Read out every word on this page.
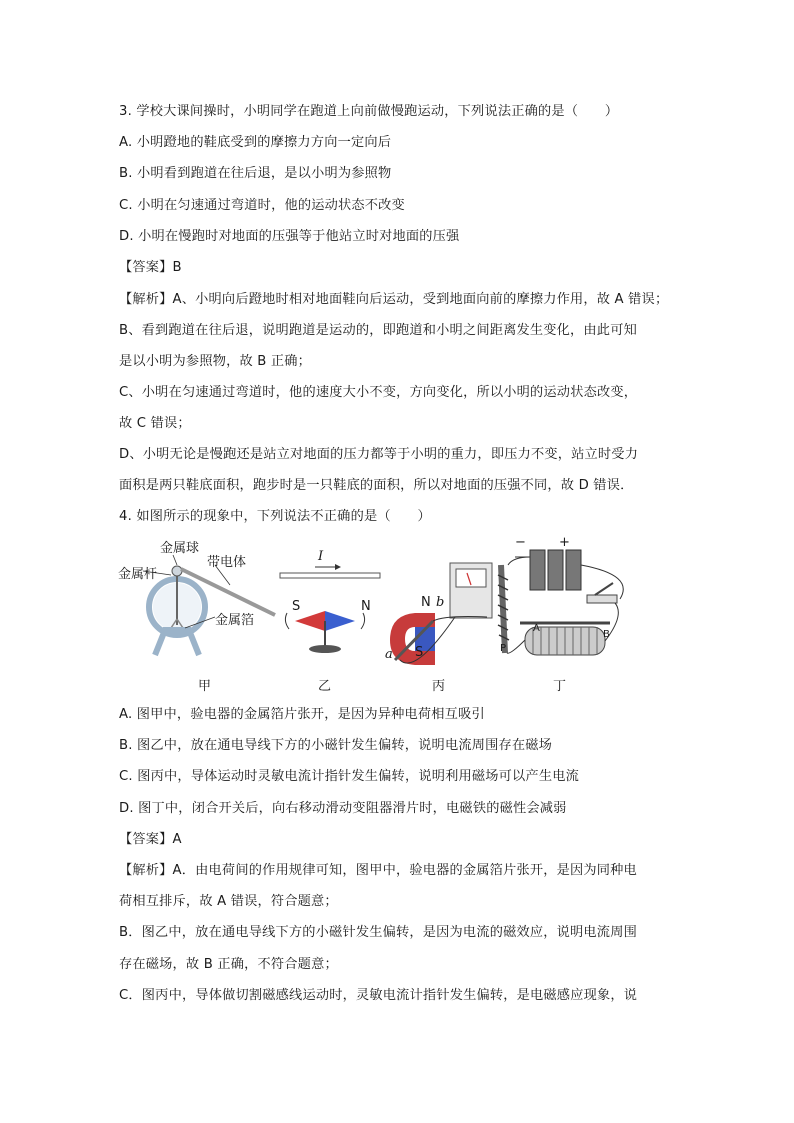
3. 学校大课间操时，小明同学在跑道上向前做慢跑运动，下列说法正确的是（　　）
A. 小明蹬地的鞋底受到的摩擦力方向一定向后
B. 小明看到跑道在往后退，是以小明为参照物
C. 小明在匀速通过弯道时，他的运动状态不改变
D. 小明在慢跑时对地面的压强等于他站立时对地面的压强
【答案】B
【解析】A、小明向后蹬地时相对地面鞋向后运动，受到地面向前的摩擦力作用，故 A 错误；
B、看到跑道在往后退，说明跑道是运动的，即跑道和小明之间距离发生变化，由此可知
是以小明为参照物，故 B 正确；
C、小明在匀速通过弯道时，他的速度大小不变，方向变化，所以小明的运动状态改变，
故 C 错误；
D、小明无论是慢跑还是站立对地面的压力都等于小明的重力，即压力不变，站立时受力
面积是两只鞋底面积，跑步时是一只鞋底的面积，所以对地面的压强不同，故 D 错误．
4. 如图所示的现象中，下列说法不正确的是（　　）
金属球
带电体
金属杆
金属箔
I
S	N	N
S
a
b
−	+
A
B
P
甲	乙	丙	丁
A. 图甲中，验电器的金属箔片张开，是因为异种电荷相互吸引
B. 图乙中，放在通电导线下方的小磁针发生偏转，说明电流周围存在磁场
C. 图丙中，导体运动时灵敏电流计指针发生偏转，说明利用磁场可以产生电流
D. 图丁中，闭合开关后，向右移动滑动变阻器滑片时，电磁铁的磁性会减弱
【答案】A
【解析】A．由电荷间的作用规律可知，图甲中，验电器的金属箔片张开，是因为同种电
荷相互排斥，故 A 错误，符合题意；
B．图乙中，放在通电导线下方的小磁针发生偏转，是因为电流的磁效应，说明电流周围
存在磁场，故 B 正确，不符合题意；
C．图丙中，导体做切割磁感线运动时，灵敏电流计指针发生偏转，是电磁感应现象，说
